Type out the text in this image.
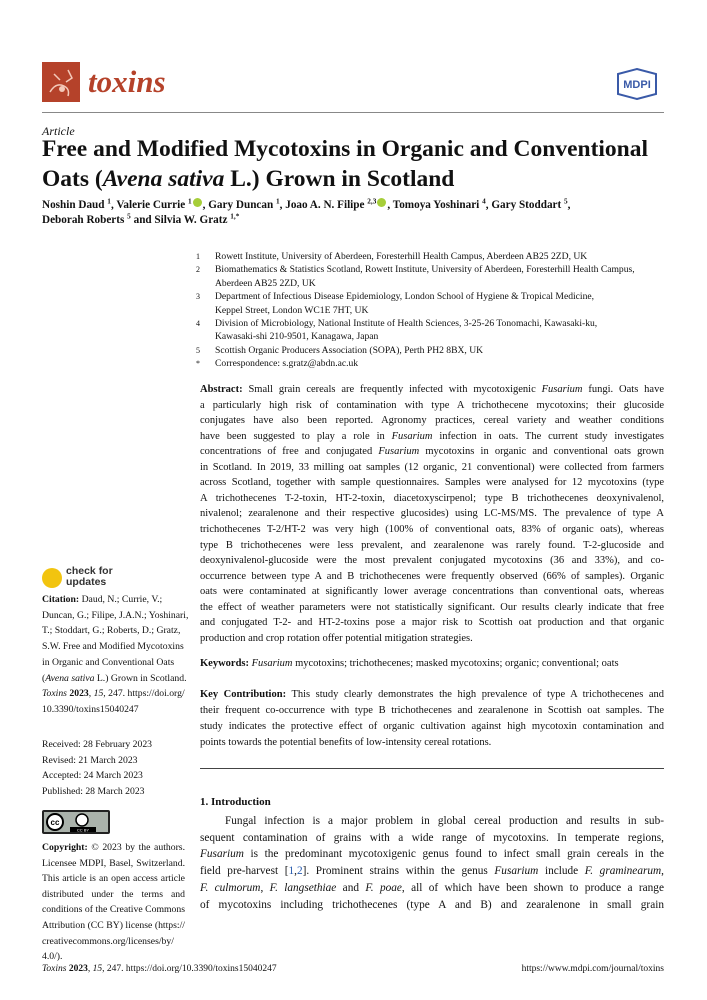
toxins	MDPI
Article
Free and Modified Mycotoxins in Organic and Conventional
Oats (Avena sativa L.) Grown in Scotland
Noshin Daud $^1$, Valerie Currie $^1$ , Gary Duncan $^1$, Joao A. N. Filipe $^{2,3}$ , Tomoya Yoshinari $^4$, Gary Stoddart $^5$,
Deborah Roberts $^5$ and Silvia W. Gratz $^{1,*}$
1 Rowett Institute, University of Aberdeen, Foresterhill Health Campus, Aberdeen AB25 2ZD, UK
2 Biomathematics & Statistics Scotland, Rowett Institute, University of Aberdeen, Foresterhill Health Campus,
Aberdeen AB25 2ZD, UK
3 Department of Infectious Disease Epidemiology, London School of Hygiene & Tropical Medicine,
Keppel Street, London WC1E 7HT, UK
4 Division of Microbiology, National Institute of Health Sciences, 3-25-26 Tonomachi, Kawasaki-ku,
Kawasaki-shi 210-9501, Kanagawa, Japan
5 Scottish Organic Producers Association (SOPA), Perth PH2 8BX, UK
* Correspondence: s.gratz@abdn.ac.uk
Abstract: Small grain cereals are frequently infected with mycotoxigenic Fusarium fungi. Oats have
a particularly high risk of contamination with type A trichothecene mycotoxins; their glucoside
conjugates have also been reported. Agronomy practices, cereal variety and weather conditions
have been suggested to play a role in Fusarium infection in oats. The current study investigates
concentrations of free and conjugated Fusarium mycotoxins in organic and conventional oats grown
in Scotland. In 2019, 33 milling oat samples (12 organic, 21 conventional) were collected from farmers
across Scotland, together with sample questionnaires. Samples were analysed for 12 mycotoxins (type
A trichothecenes T-2-toxin, HT-2-toxin, diacetoxyscirpenol; type B trichothecenes deoxynivalenol,
nivalenol; zearalenone and their respective glucosides) using LC-MS/MS. The prevalence of type A
trichothecenes T-2/HT-2 was very high (100% of conventional oats, 83% of organic oats), whereas
type B trichothecenes were less prevalent, and zearalenone was rarely found. T-2-glucoside and
deoxynivalenol-glucoside were the most prevalent conjugated mycotoxins (36 and 33%), and co-
occurrence between type A and B trichothecenes were frequently observed (66% of samples). Organic
oats were contaminated at significantly lower average concentrations than conventional oats, whereas
the effect of weather parameters were not statistically significant. Our results clearly indicate that free
and conjugated T-2- and HT-2-toxins pose a major risk to Scottish oat production and that organic
production and crop rotation offer potential mitigation strategies.
Keywords: Fusarium mycotoxins; trichothecenes; masked mycotoxins; organic; conventional; oats
Key Contribution: This study clearly demonstrates the high prevalence of type A trichothecenes and
their frequent co-occurrence with type B trichothecenes and zearalenone in Scottish oat samples. The
study indicates the protective effect of organic cultivation against high mycotoxin contamination and
points towards the potential benefits of low-intensity cereal rotations.
1. Introduction
Fungal infection is a major problem in global cereal production and results in sub-
sequent contamination of grains with a wide range of mycotoxins. In temperate regions,
Fusarium is the predominant mycotoxigenic genus found to infect small grain cereals in the
field pre-harvest [1,2]. Prominent strains within the genus Fusarium include F. graminearum,
F. culmorum, F. langsethiae and F. poae, all of which have been shown to produce a range
of mycotoxins including trichothecenes (type A and B) and zearalenone in small grain
check for
updates
Citation: Daud, N.; Currie, V.;
Duncan, G.; Filipe, J.A.N.; Yoshinari,
T.; Stoddart, G.; Roberts, D.; Gratz,
S.W. Free and Modified Mycotoxins
in Organic and Conventional Oats
(Avena sativa L.) Grown in Scotland.
Toxins 2023, 15, 247. https://doi.org/
10.3390/toxins15040247
Received: 28 February 2023
Revised: 21 March 2023
Accepted: 24 March 2023
Published: 28 March 2023
cc
CC BY
Copyright: © 2023 by the authors.
Licensee MDPI, Basel, Switzerland.
This article is an open access article
distributed under the terms and
conditions of the Creative Commons
Attribution (CC BY) license (https://
creativecommons.org/licenses/by/
4.0/).
Toxins 2023, 15, 247. https://doi.org/10.3390/toxins15040247	https://www.mdpi.com/journal/toxins
